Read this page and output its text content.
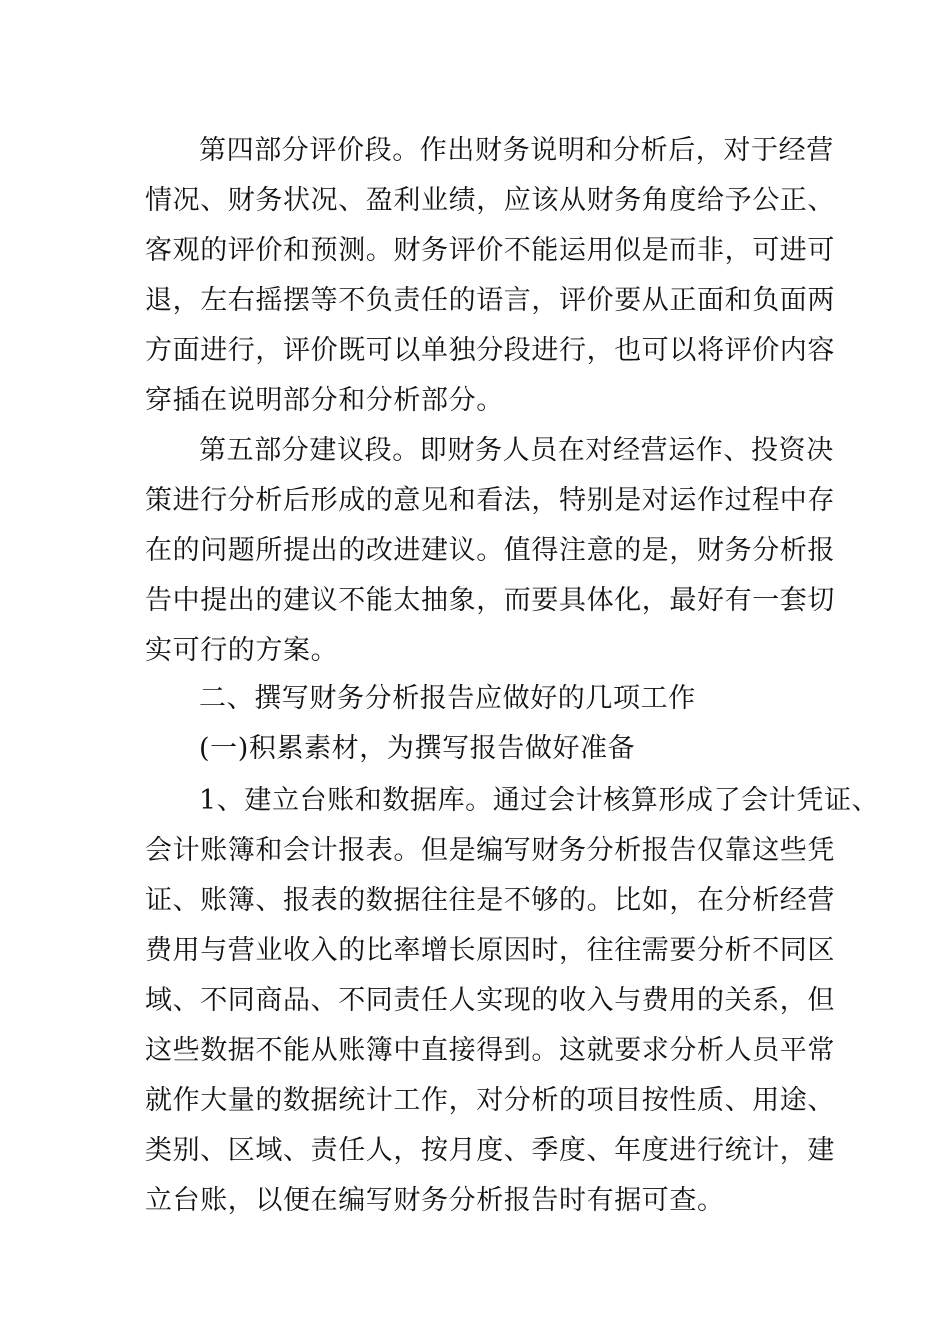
第四部分评价段。作出财务说明和分析后，对于经营
情况、财务状况、盈利业绩，应该从财务角度给予公正、
客观的评价和预测。财务评价不能运用似是而非，可进可
退，左右摇摆等不负责任的语言，评价要从正面和负面两
方面进行，评价既可以单独分段进行，也可以将评价内容
穿插在说明部分和分析部分。
第五部分建议段。即财务人员在对经营运作、投资决
策进行分析后形成的意见和看法，特别是对运作过程中存
在的问题所提出的改进建议。值得注意的是，财务分析报
告中提出的建议不能太抽象，而要具体化，最好有一套切
实可行的方案。
二、撰写财务分析报告应做好的几项工作
(一)积累素材，为撰写报告做好准备
1、建立台账和数据库。通过会计核算形成了会计凭证、
会计账簿和会计报表。但是编写财务分析报告仅靠这些凭
证、账簿、报表的数据往往是不够的。比如，在分析经营
费用与营业收入的比率增长原因时，往往需要分析不同区
域、不同商品、不同责任人实现的收入与费用的关系，但
这些数据不能从账簿中直接得到。这就要求分析人员平常
就作大量的数据统计工作，对分析的项目按性质、用途、
类别、区域、责任人，按月度、季度、年度进行统计，建
立台账，以便在编写财务分析报告时有据可查。
